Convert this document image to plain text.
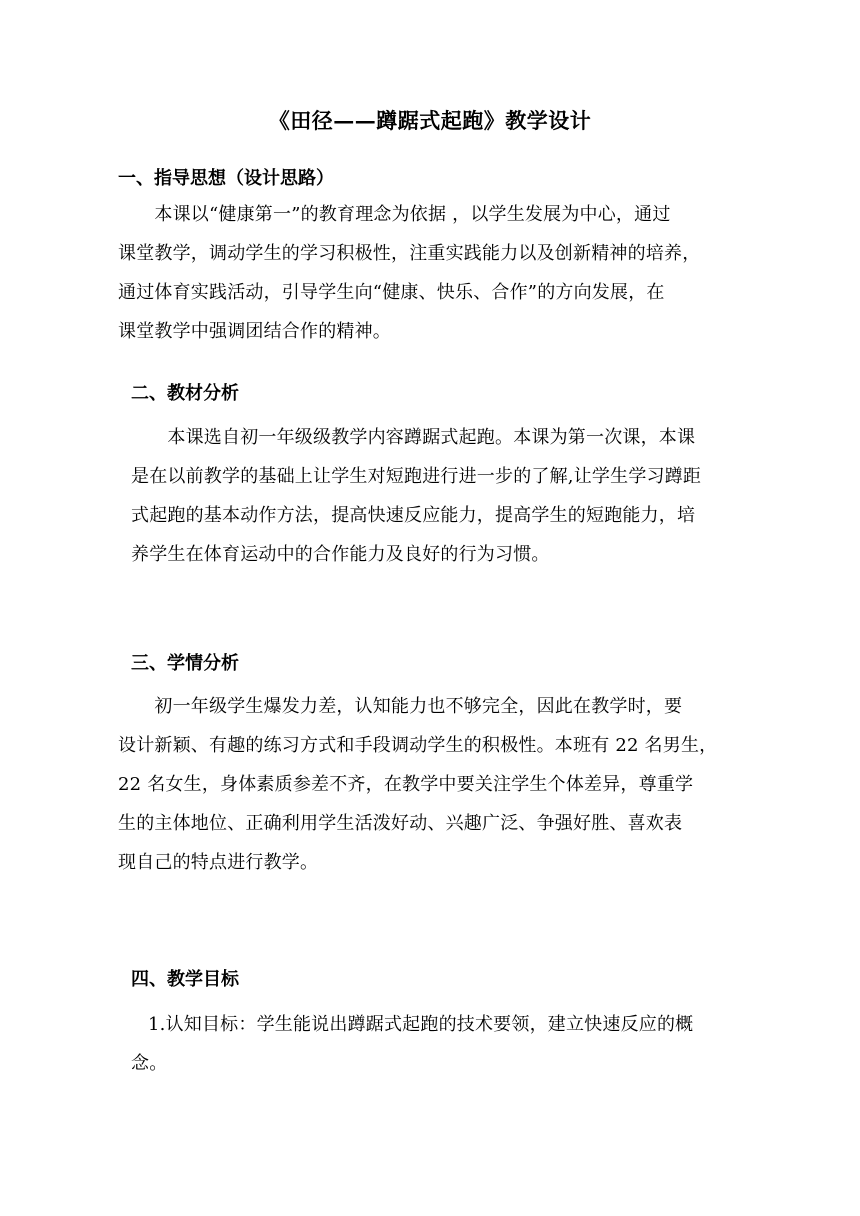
《田径——蹲踞式起跑》教学设计
一、指导思想（设计思路）
　　本课以“健康第一”的教育理念为依据 ，以学生发展为中心，通过
课堂教学，调动学生的学习积极性，注重实践能力以及创新精神的培养，
通过体育实践活动，引导学生向“健康、快乐、合作”的方向发展，在
课堂教学中强调团结合作的精神。
二、教材分析
　　本课选自初一年级级教学内容蹲踞式起跑。本课为第一次课，本课
是在以前教学的基础上让学生对短跑进行进一步的了解,让学生学习蹲距
式起跑的基本动作方法，提高快速反应能力，提高学生的短跑能力，培
养学生在体育运动中的合作能力及良好的行为习惯。
三、学情分析
　　初一年级学生爆发力差，认知能力也不够完全，因此在教学时，要
设计新颖、有趣的练习方式和手段调动学生的积极性。本班有 22 名男生，
22 名女生，身体素质参差不齐，在教学中要关注学生个体差异，尊重学
生的主体地位、正确利用学生活泼好动、兴趣广泛、争强好胜、喜欢表
现自己的特点进行教学。
四、教学目标
1.认知目标：学生能说出蹲踞式起跑的技术要领，建立快速反应的概
念。
